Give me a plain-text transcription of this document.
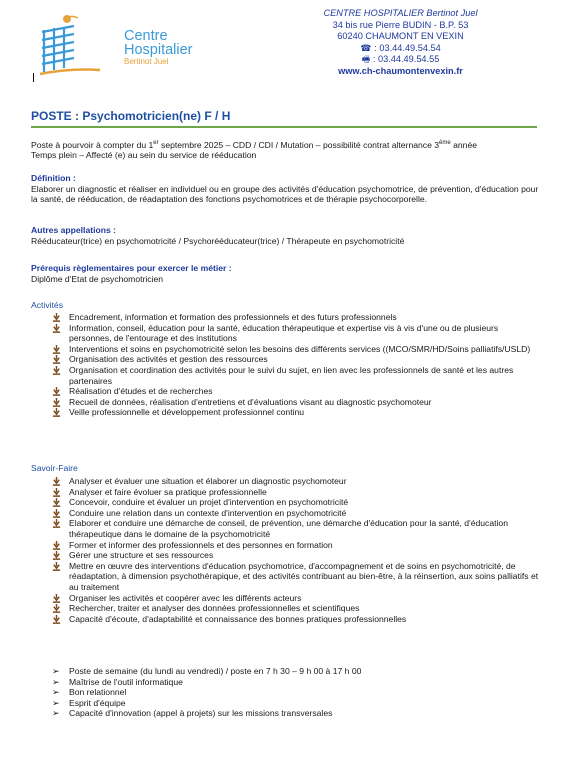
Centre
Hospitalier
Bertinot Juel
CENTRE HOSPITALIER Bertinot Juel
34 bis rue Pierre BUDIN - B.P. 53
60240 CHAUMONT EN VEXIN
☎ : 03.44.49.54.54
🖷 : 03.44.49.54.55
www.ch-chaumontenvexin.fr
POSTE : Psychomotricien(ne) F / H
Poste à pourvoir à compter du 1er septembre 2025 – CDD / CDI / Mutation – possibilité contrat alternance 3ème année
Temps plein – Affecté (e) au sein du service de rééducation
Définition :
Elaborer un diagnostic et réaliser en individuel ou en groupe des activités d'éducation psychomotrice, de prévention, d'éducation pour la santé, de rééducation, de réadaptation des fonctions psychomotrices et de thérapie psychocorporelle.
Autres appellations :
Rééducateur(trice) en psychomotricité / Psychorééducateur(trice) / Thérapeute en psychomotricité
Prérequis règlementaires pour exercer le métier :
Diplôme d'Etat de psychomotricien
Activités
Encadrement, information et formation des professionnels et des futurs professionnels
Information, conseil, éducation pour la santé, éducation thérapeutique et expertise vis à vis d'une ou de plusieurs personnes, de l'entourage et des institutions
Interventions et soins en psychomotricité selon les besoins des différents services ((MCO/SMR/HD/Soins palliatifs/USLD)
Organisation des activités et gestion des ressources
Organisation et coordination des activités pour le suivi du sujet, en lien avec les professionnels de santé et les autres partenaires
Réalisation d'études et de recherches
Recueil de données, réalisation d'entretiens et d'évaluations visant au diagnostic psychomoteur
Veille professionnelle et développement professionnel continu
Savoir-Faire
Analyser et évaluer une situation et élaborer un diagnostic psychomoteur
Analyser et faire évoluer sa pratique professionnelle
Concevoir, conduire et évaluer un projet d'intervention en psychomotricité
Conduire une relation dans un contexte d'intervention en psychomotricité
Elaborer et conduire une démarche de conseil, de prévention, une démarche d'éducation pour la santé, d'éducation thérapeutique dans le domaine de la psychomotricité
Former et informer des professionnels et des personnes en formation
Gérer une structure et ses ressources
Mettre en œuvre des interventions d'éducation psychomotrice, d'accompagnement et de soins en psychomotricité, de réadaptation, à dimension psychothérapique, et des activités contribuant au bien-être, à la réinsertion, aux soins palliatifs et au traitement
Organiser les activités et coopérer avec les différents acteurs
Rechercher, traiter et analyser des données professionnelles et scientifiques
Capacité d'écoute, d'adaptabilité et connaissance des bonnes pratiques professionnelles
➢ Poste de semaine (du lundi au vendredi) / poste en 7 h 30 – 9 h 00 à 17 h 00
➢ Maîtrise de l'outil informatique
➢ Bon relationnel
➢ Esprit d'équipe
➢ Capacité d'innovation (appel à projets) sur les missions transversales
